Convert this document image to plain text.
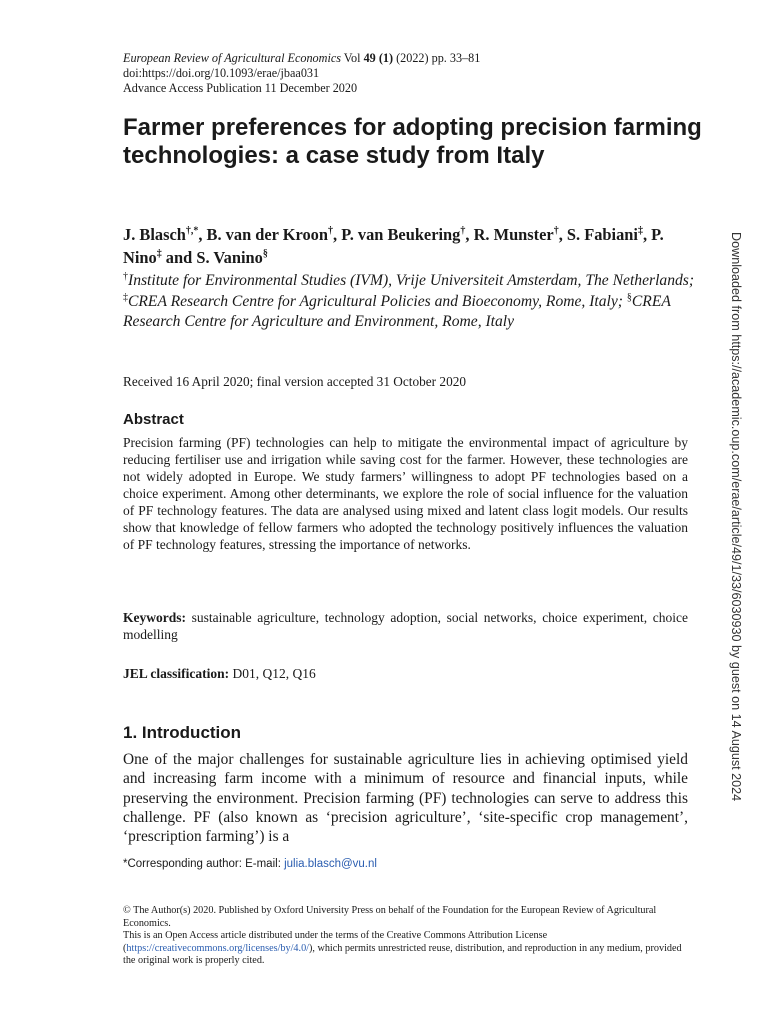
European Review of Agricultural Economics Vol 49 (1) (2022) pp. 33–81
doi:https://doi.org/10.1093/erae/jbaa031
Advance Access Publication 11 December 2020
Farmer preferences for adopting precision farming technologies: a case study from Italy
J. Blasch†,*, B. van der Kroon†, P. van Beukering†, R. Munster†, S. Fabiani‡, P. Nino‡ and S. Vanino§
†Institute for Environmental Studies (IVM), Vrije Universiteit Amsterdam, The Netherlands; ‡CREA Research Centre for Agricultural Policies and Bioeconomy, Rome, Italy; §CREA Research Centre for Agriculture and Environment, Rome, Italy
Received 16 April 2020; final version accepted 31 October 2020
Abstract
Precision farming (PF) technologies can help to mitigate the environmental impact of agriculture by reducing fertiliser use and irrigation while saving cost for the farmer. However, these technologies are not widely adopted in Europe. We study farmers’ willingness to adopt PF technologies based on a choice experiment. Among other determinants, we explore the role of social influence for the valuation of PF technology features. The data are analysed using mixed and latent class logit models. Our results show that knowledge of fellow farmers who adopted the technology positively influences the valuation of PF technology features, stressing the importance of networks.
Keywords: sustainable agriculture, technology adoption, social networks, choice experiment, choice modelling
JEL classification: D01, Q12, Q16
1. Introduction
One of the major challenges for sustainable agriculture lies in achieving optimised yield and increasing farm income with a minimum of resource and financial inputs, while preserving the environment. Precision farming (PF) technologies can serve to address this challenge. PF (also known as ‘precision agriculture’, ‘site-specific crop management’, ‘prescription farming’) is a
*Corresponding author: E-mail: julia.blasch@vu.nl
© The Author(s) 2020. Published by Oxford University Press on behalf of the Foundation for the European Review of Agricultural Economics.
This is an Open Access article distributed under the terms of the Creative Commons Attribution License (https://creativecommons.org/licenses/by/4.0/), which permits unrestricted reuse, distribution, and reproduction in any medium, provided the original work is properly cited.
Downloaded from https://academic.oup.com/erae/article/49/1/33/6030930 by guest on 14 August 2024
